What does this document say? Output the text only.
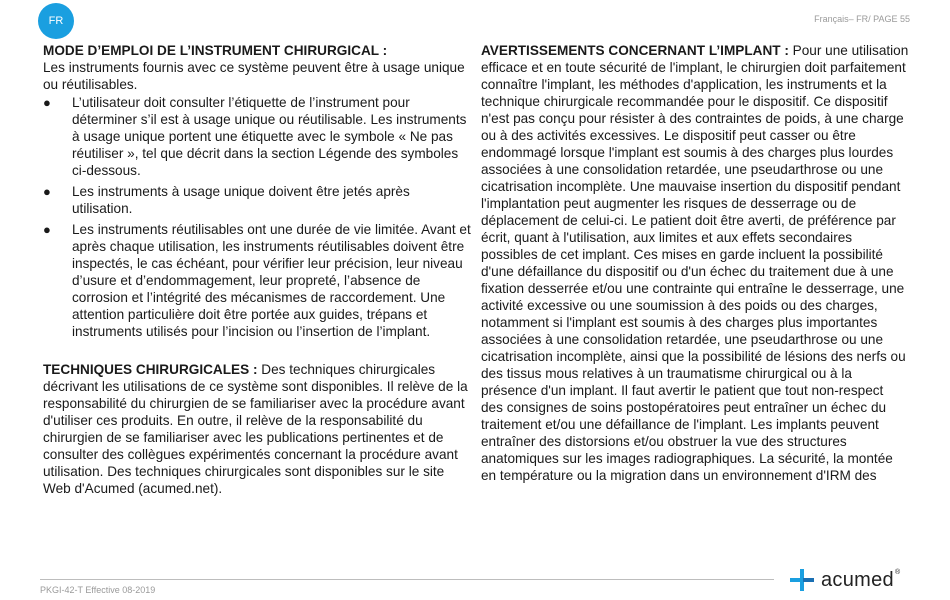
FR	Français– FR/ PAGE 55

MODE D’EMPLOI DE L’INSTRUMENT CHIRURGICAL :

Les instruments fournis avec ce système peuvent être à usage unique ou réutilisables.

● L’utilisateur doit consulter l’étiquette de l’instrument pour déterminer s’il est à usage unique ou réutilisable. Les instruments à usage unique portent une étiquette avec le symbole « Ne pas réutiliser », tel que décrit dans la section Légende des symboles ci-dessous.
● Les instruments à usage unique doivent être jetés après utilisation.
● Les instruments réutilisables ont une durée de vie limitée. Avant et après chaque utilisation, les instruments réutilisables doivent être inspectés, le cas échéant, pour vérifier leur précision, leur niveau d’usure et d’endommagement, leur propreté, l’absence de corrosion et l’intégrité des mécanismes de raccordement. Une attention particulière doit être portée aux guides, trépans et instruments utilisés pour l’incision ou l’insertion de l’implant.

TECHNIQUES CHIRURGICALES : Des techniques chirurgicales décrivant les utilisations de ce système sont disponibles. Il relève de la responsabilité du chirurgien de se familiariser avec la procédure avant d'utiliser ces produits. En outre, il relève de la responsabilité du chirurgien de se familiariser avec les publications pertinentes et de consulter des collègues expérimentés concernant la procédure avant utilisation. Des techniques chirurgicales sont disponibles sur le site Web d'Acumed (acumed.net).

AVERTISSEMENTS CONCERNANT L’IMPLANT : Pour une utilisation efficace et en toute sécurité de l'implant, le chirurgien doit parfaitement connaître l'implant, les méthodes d'application, les instruments et la technique chirurgicale recommandée pour le dispositif. Ce dispositif n'est pas conçu pour résister à des contraintes de poids, à une charge ou à des activités excessives. Le dispositif peut casser ou être endommagé lorsque l'implant est soumis à des charges plus lourdes associées à une consolidation retardée, une pseudarthrose ou une cicatrisation incomplète. Une mauvaise insertion du dispositif pendant l'implantation peut augmenter les risques de desserrage ou de déplacement de celui-ci. Le patient doit être averti, de préférence par écrit, quant à l'utilisation, aux limites et aux effets secondaires possibles de cet implant. Ces mises en garde incluent la possibilité d'une défaillance du dispositif ou d'un échec du traitement due à une fixation desserrée et/ou une contrainte qui entraîne le desserrage, une activité excessive ou une soumission à des poids ou des charges, notamment si l'implant est soumis à des charges plus importantes associées à une consolidation retardée, une pseudarthrose ou une cicatrisation incomplète, ainsi que la possibilité de lésions des nerfs ou des tissus mous relatives à un traumatisme chirurgical ou à la présence d'un implant. Il faut avertir le patient que tout non-respect des consignes de soins postopératoires peut entraîner un échec du traitement et/ou une défaillance de l'implant. Les implants peuvent entraîner des distorsions et/ou obstruer la vue des structures anatomiques sur les images radiographiques. La sécurité, la montée en température ou la migration dans un environnement d'IRM des

PKGI-42-T Effective 08-2019	acumed®
